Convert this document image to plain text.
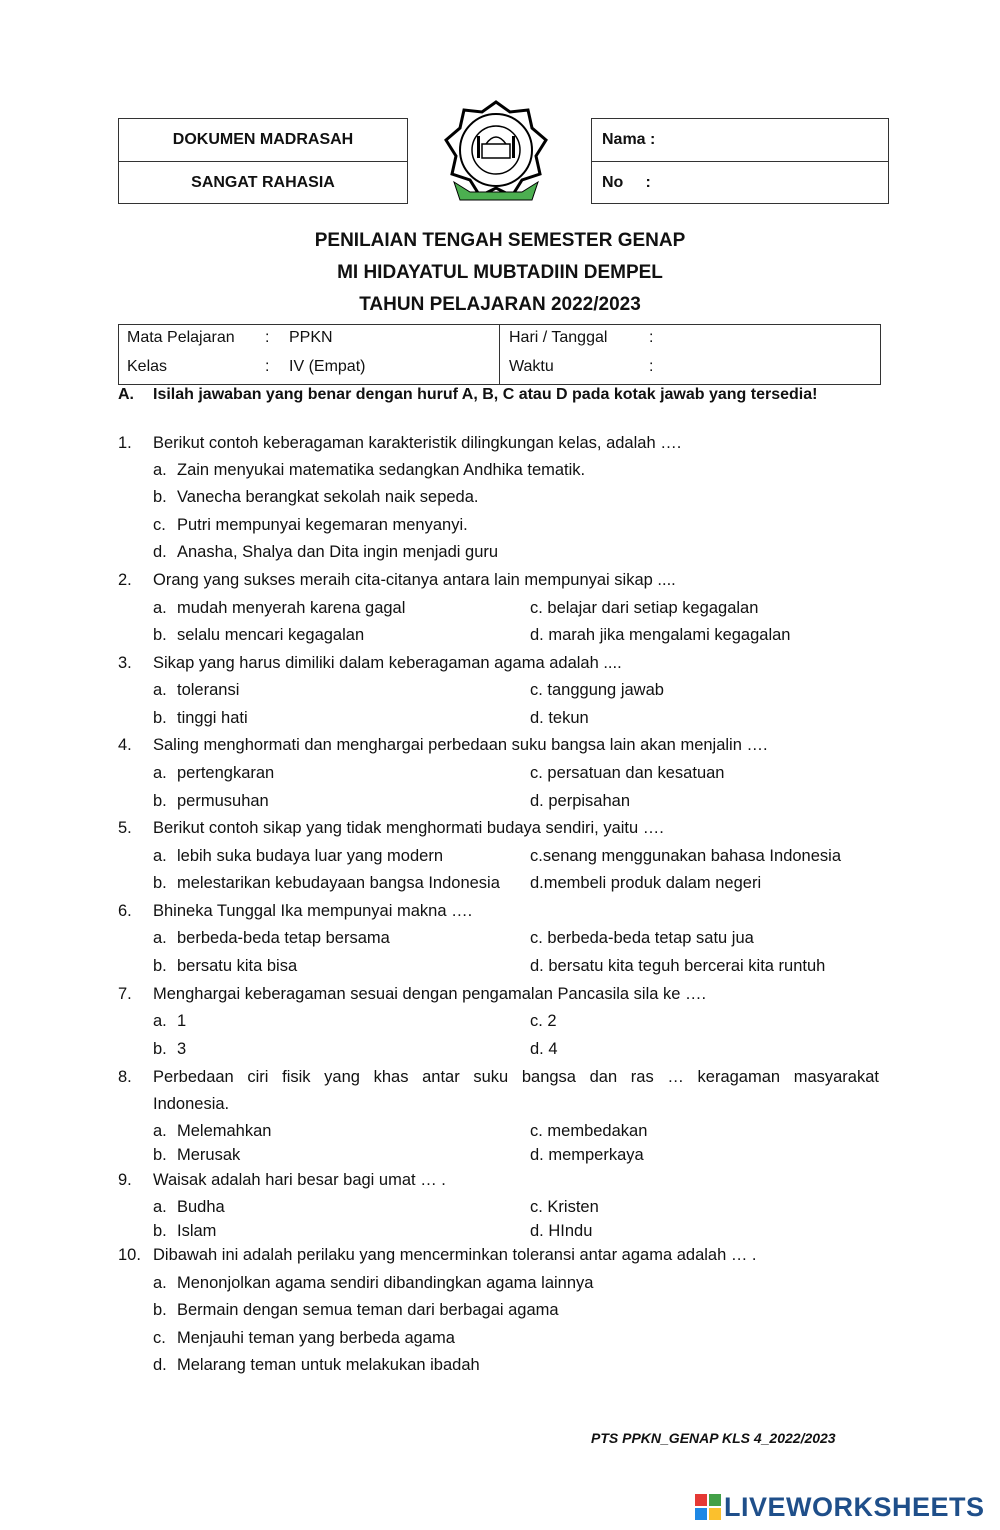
DOKUMEN MADRASAH
SANGAT RAHASIA
Nama :
No     :
PENILAIAN TENGAH SEMESTER GENAP
MI HIDAYATUL MUBTADIIN DEMPEL
TAHUN PELAJARAN 2022/2023
Mata Pelajaran : PPKN
Kelas	: IV (Empat)
Hari / Tanggal	:
Waktu	:
A. Isilah jawaban yang benar dengan huruf A, B, C atau D pada kotak jawab yang tersedia!
1. Berikut contoh keberagaman karakteristik dilingkungan kelas, adalah ….
a. Zain menyukai matematika sedangkan Andhika tematik.
b. Vanecha berangkat sekolah naik sepeda.
c. Putri mempunyai kegemaran menyanyi.
d. Anasha, Shalya dan Dita ingin menjadi guru
2. Orang yang sukses meraih cita-citanya antara lain mempunyai sikap ....
a. mudah menyerah karena gagal	c. belajar dari setiap kegagalan
b. selalu mencari kegagalan	d. marah jika mengalami kegagalan
3. Sikap yang harus dimiliki dalam keberagaman agama adalah ....
a. toleransi	c. tanggung jawab
b. tinggi hati	d. tekun
4. Saling menghormati dan menghargai perbedaan suku bangsa lain akan menjalin ….
a. pertengkaran	c. persatuan dan kesatuan
b. permusuhan	d. perpisahan
5. Berikut contoh sikap yang tidak menghormati budaya sendiri, yaitu ….
a. lebih suka budaya luar yang modern	c.senang menggunakan bahasa Indonesia
b. melestarikan kebudayaan bangsa Indonesia d.membeli produk dalam negeri
6. Bhineka Tunggal Ika mempunyai makna ….
a. berbeda-beda tetap bersama	c. berbeda-beda tetap satu jua
b. bersatu kita bisa	d. bersatu kita teguh bercerai kita runtuh
7. Menghargai keberagaman sesuai dengan pengamalan Pancasila sila ke ….
a. 1	c. 2
b. 3	d. 4
8. Perbedaan ciri fisik yang khas antar suku bangsa dan ras … keragaman masyarakat
Indonesia.
a. Melemahkan	c. membedakan
b. Merusak	d. memperkaya
9. Waisak adalah hari besar bagi umat … .
a. Budha	c. Kristen
b. Islam	d. HIndu
10. Dibawah ini adalah perilaku yang mencerminkan toleransi antar agama adalah … .
a. Menonjolkan agama sendiri dibandingkan agama lainnya
b. Bermain dengan semua teman dari berbagai agama
c. Menjauhi teman yang berbeda agama
d. Melarang teman untuk melakukan ibadah
PTS PPKN_GENAP KLS 4_2022/2023
LIVEWORKSHEETS
